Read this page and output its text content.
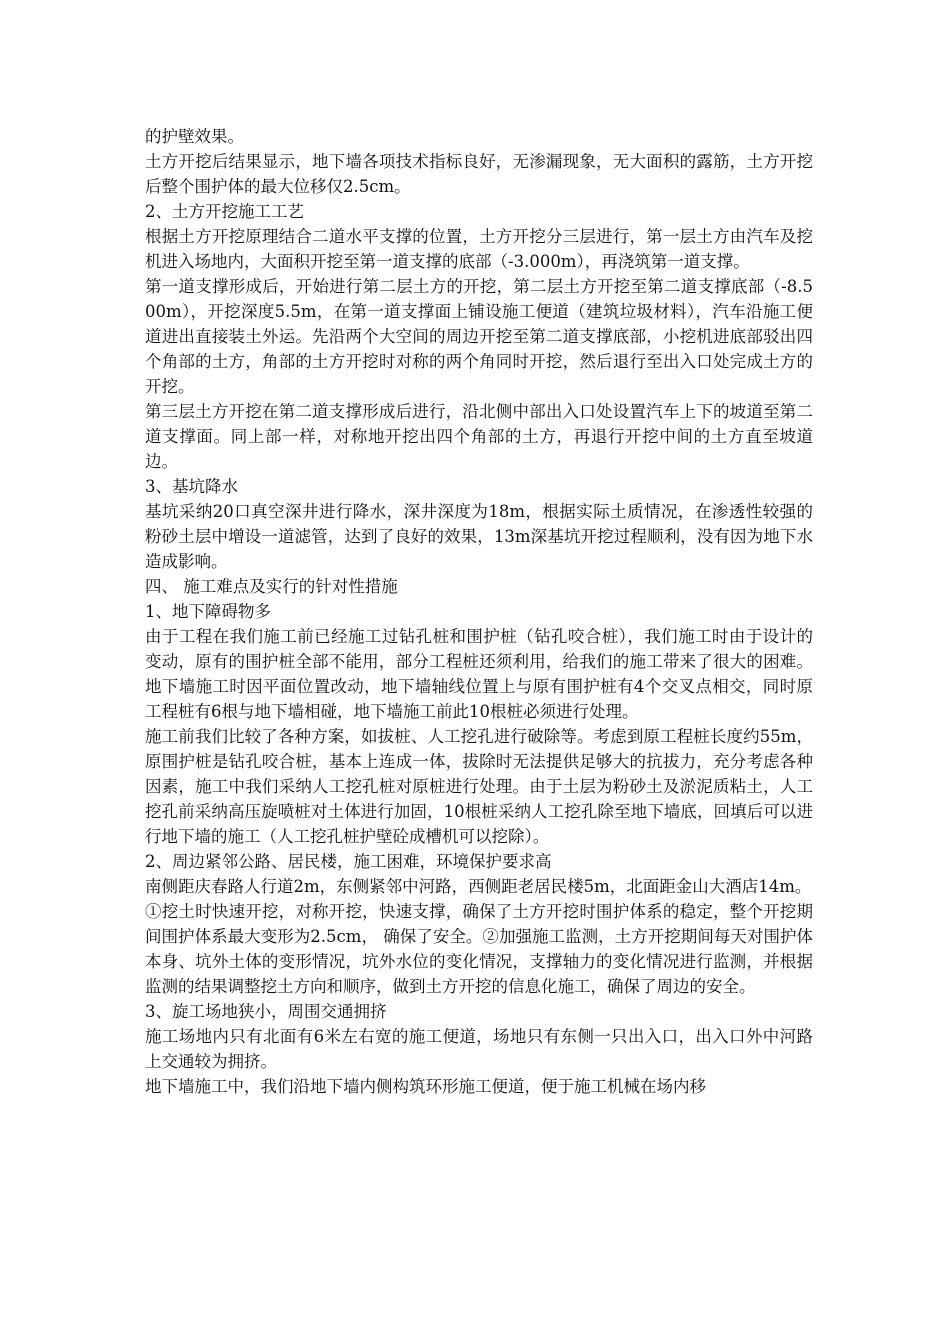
的护壁效果。

土方开挖后结果显示，地下墙各项技术指标良好，无渗漏现象，无大面积的露筋，土方开挖后整个围护体的最大位移仅2.5cm。

2、土方开挖施工工艺

根据土方开挖原理结合二道水平支撑的位置，土方开挖分三层进行，第一层土方由汽车及挖机进入场地内，大面积开挖至第一道支撑的底部（-3.000m），再浇筑第一道支撑。

第一道支撑形成后，开始进行第二层土方的开挖，第二层土方开挖至第二道支撑底部（-8.500m），开挖深度5.5m，在第一道支撑面上铺设施工便道（建筑垃圾材料），汽车沿施工便道进出直接装土外运。先沿两个大空间的周边开挖至第二道支撑底部，小挖机进底部驳出四个角部的土方，角部的土方开挖时对称的两个角同时开挖，然后退行至出入口处完成土方的开挖。

第三层土方开挖在第二道支撑形成后进行，沿北侧中部出入口处设置汽车上下的坡道至第二道支撑面。同上部一样，对称地开挖出四个角部的土方，再退行开挖中间的土方直至坡道边。

3、基坑降水

基坑采纳20口真空深井进行降水，深井深度为18m，根据实际土质情况，在渗透性较强的粉砂土层中增设一道滤管，达到了良好的效果，13m深基坑开挖过程顺利，没有因为地下水造成影响。

四、 施工难点及实行的针对性措施

1、地下障碍物多

由于工程在我们施工前已经施工过钻孔桩和围护桩（钻孔咬合桩），我们施工时由于设计的变动，原有的围护桩全部不能用，部分工程桩还须利用，给我们的施工带来了很大的困难。地下墙施工时因平面位置改动，地下墙轴线位置上与原有围护桩有4个交叉点相交，同时原工程桩有6根与地下墙相碰，地下墙施工前此10根桩必须进行处理。

施工前我们比较了各种方案，如拔桩、人工挖孔进行破除等。考虑到原工程桩长度约55m，原围护桩是钻孔咬合桩，基本上连成一体，拔除时无法提供足够大的抗拔力，充分考虑各种因素，施工中我们采纳人工挖孔桩对原桩进行处理。由于土层为粉砂土及淤泥质粘土，人工挖孔前采纳高压旋喷桩对土体进行加固，10根桩采纳人工挖孔除至地下墙底，回填后可以进行地下墙的施工（人工挖孔桩护壁砼成槽机可以挖除）。

2、周边紧邻公路、居民楼，施工困难，环境保护要求高

南侧距庆春路人行道2m，东侧紧邻中河路，西侧距老居民楼5m，北面距金山大酒店14m。

①挖土时快速开挖，对称开挖，快速支撑，确保了土方开挖时围护体系的稳定，整个开挖期间围护体系最大变形为2.5cm， 确保了安全。②加强施工监测，土方开挖期间每天对围护体本身、坑外土体的变形情况，坑外水位的变化情况，支撑轴力的变化情况进行监测，并根据监测的结果调整挖土方向和顺序，做到土方开挖的信息化施工，确保了周边的安全。

3、旋工场地狭小，周围交通拥挤

施工场地内只有北面有6米左右宽的施工便道，场地只有东侧一只出入口，出入口外中河路上交通较为拥挤。

地下墙施工中，我们沿地下墙内侧构筑环形施工便道，便于施工机械在场内移
